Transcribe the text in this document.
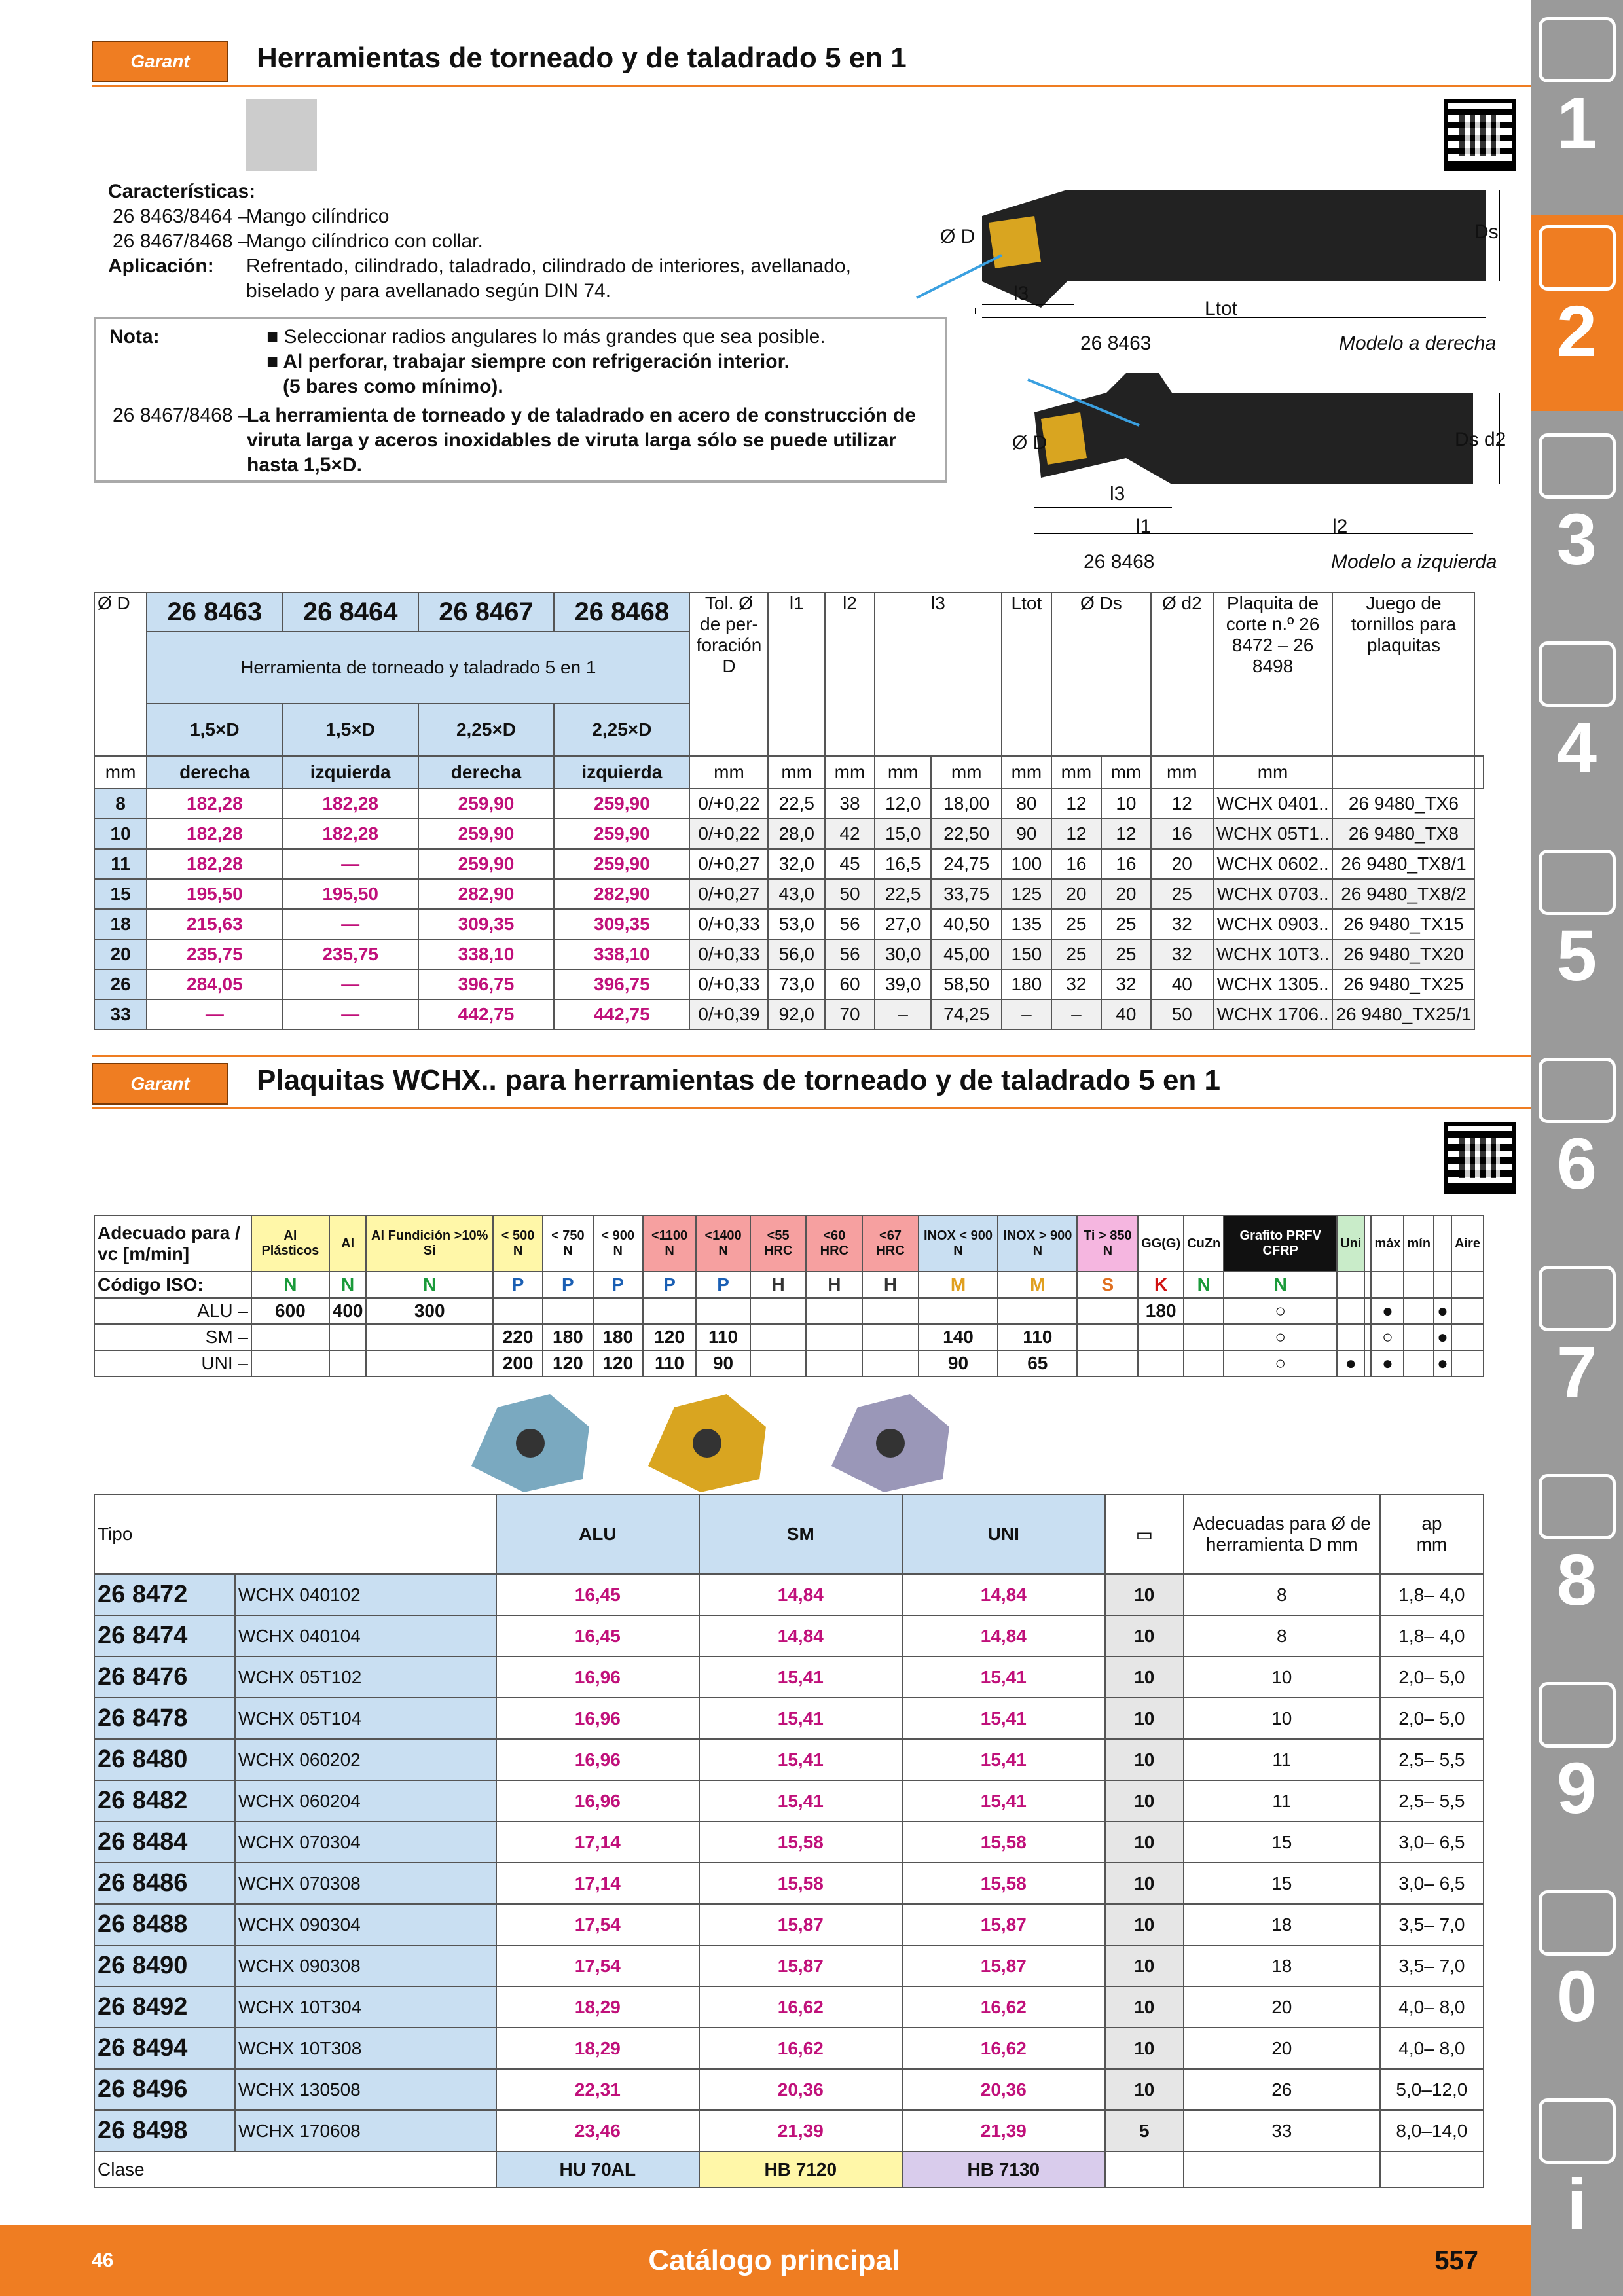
1
2
3
4
5
6
7
8
9
0
i
Garant	Herramientas de torneado y de taladrado 5 en 1
Características:
26 8463/8464 –
Mango cilíndrico
26 8467/8468 –
Mango cilíndrico con collar.
Aplicación: Refrentado, cilindrado, taladrado, cilindrado de interiores, avellanado,
biselado y para avellanado según DIN 74.
Nota:	■ Seleccionar radios angulares lo más grandes que sea posible.
■ Al perforar, trabajar siempre con refrigeración interior.
(5 bares como mínimo).
26 8467/8468 –
La herramienta de torneado y de taladrado en acero de construcción de
viruta larga y aceros inoxidables de viruta larga sólo se puede utilizar
hasta 1,5×D.
Ø D
l3
Ltot
Ds
26 8463	Modelo a derecha
Ø D
l3
l1	l2
Ds d2
26 8468	Modelo a izquierda
Ø D	26 8463	26 8464	26 8467	26 8468	Tol. Ø de per- foración D	l1	l2	l3		Ltot	Ø Ds		Ø d2	Plaquita de corte n.º 26 8472 – 26 8498	Juego de tornillos para plaquitas	
	Herramienta de torneado y taladrado 5 en 1															
	1,5×D	1,5×D	2,25×D	2,25×D												
mm	derecha	izquierda	derecha	izquierda	mm	mm	mm	mm	mm	mm	mm	mm	mm	mm		
8	182,28	182,28	259,90	259,90	0/+0,22	22,5	38	12,0	18,00	80	12	10	12	WCHX 0401..	26 9480_TX6	
10	182,28	182,28	259,90	259,90	0/+0,22	28,0	42	15,0	22,50	90	12	12	16	WCHX 05T1..	26 9480_TX8	
11	182,28	—	259,90	259,90	0/+0,27	32,0	45	16,5	24,75	100	16	16	20	WCHX 0602..	26 9480_TX8/1	
15	195,50	195,50	282,90	282,90	0/+0,27	43,0	50	22,5	33,75	125	20	20	25	WCHX 0703..	26 9480_TX8/2	
18	215,63	—	309,35	309,35	0/+0,33	53,0	56	27,0	40,50	135	25	25	32	WCHX 0903..	26 9480_TX15	
20	235,75	235,75	338,10	338,10	0/+0,33	56,0	56	30,0	45,00	150	25	25	32	WCHX 10T3..	26 9480_TX20	
26	284,05	—	396,75	396,75	0/+0,33	73,0	60	39,0	58,50	180	32	32	40	WCHX 1305..	26 9480_TX25	
33	—	—	442,75	442,75	0/+0,39	92,0	70	–	74,25	–	–	40	50	WCHX 1706..	26 9480_TX25/1	
Garant	Plaquitas WCHX.. para herramientas de torneado y de taladrado 5 en 1
Adecuado para / vc [m/min]	Al Plásticos	Al	Al Fundición >10% Si	< 500 N	< 750 N	< 900 N	<1100 N	<1400 N	<55 HRC	<60 HRC	<67 HRC	INOX < 900 N	INOX > 900 N	Ti > 850 N	GG(G)	CuZn	Grafito PRFV CFRP	Uni		máx	mín		Aire
Código ISO:	N	N	N	P	P	P	P	P	H	H	H	M	M	S	K	N	N						
ALU –	600	400	300												180		○			●		●	
SM –				220	180	180	120	110				140	110				○			○		●	
UNI –				200	120	120	110	90				90	65				○	●		●		●	
Tipo		ALU	SM	UNI	▭	Adecuadas para Ø de herramienta D mm	ap
mm
26 8472	WCHX 040102	16,45	14,84	14,84	10	8	1,8– 4,0
26 8474	WCHX 040104	16,45	14,84	14,84	10	8	1,8– 4,0
26 8476	WCHX 05T102	16,96	15,41	15,41	10	10	2,0– 5,0
26 8478	WCHX 05T104	16,96	15,41	15,41	10	10	2,0– 5,0
26 8480	WCHX 060202	16,96	15,41	15,41	10	11	2,5– 5,5
26 8482	WCHX 060204	16,96	15,41	15,41	10	11	2,5– 5,5
26 8484	WCHX 070304	17,14	15,58	15,58	10	15	3,0– 6,5
26 8486	WCHX 070308	17,14	15,58	15,58	10	15	3,0– 6,5
26 8488	WCHX 090304	17,54	15,87	15,87	10	18	3,5– 7,0
26 8490	WCHX 090308	17,54	15,87	15,87	10	18	3,5– 7,0
26 8492	WCHX 10T304	18,29	16,62	16,62	10	20	4,0– 8,0
26 8494	WCHX 10T308	18,29	16,62	16,62	10	20	4,0– 8,0
26 8496	WCHX 130508	22,31	20,36	20,36	10	26	5,0–12,0
26 8498	WCHX 170608	23,46	21,39	21,39	5	33	8,0–14,0
Clase		HU 70AL	HB 7120	HB 7130			
46	Catálogo principal	557
